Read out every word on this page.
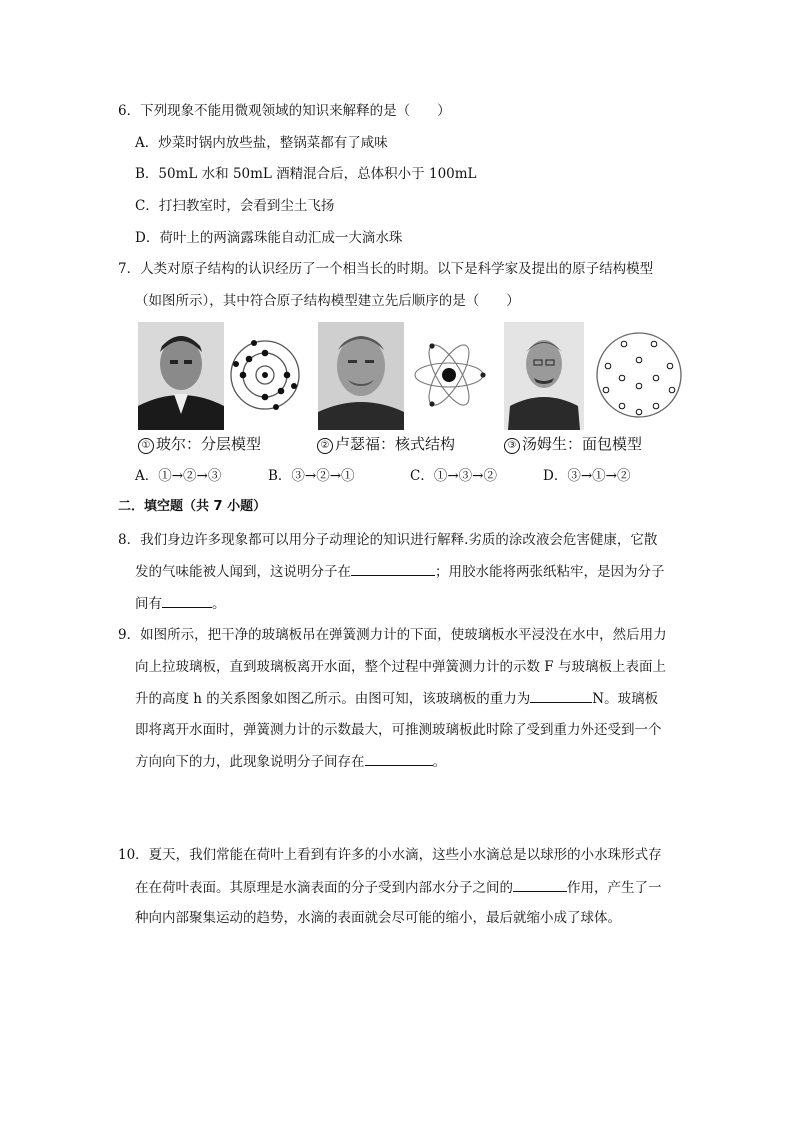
6．下列现象不能用微观领域的知识来解释的是（　　）
A．炒菜时锅内放些盐，整锅菜都有了咸味
B．50mL 水和 50mL 酒精混合后，总体积小于 100mL
C．打扫教室时，会看到尘土飞扬
D．荷叶上的两滴露珠能自动汇成一大滴水珠
7．人类对原子结构的认识经历了一个相当长的时期。以下是科学家及提出的原子结构模型
（如图所示），其中符合原子结构模型建立先后顺序的是（　　）
① 玻尔：分层模型	② 卢瑟福：核式结构	③ 汤姆生：面包模型
A．①→②→③	B．③→②→①	C．①→③→②	D．③→①→②
二．填空题（共 7 小题）
8．我们身边许多现象都可以用分子动理论的知识进行解释.劣质的涂改液会危害健康，它散
发的气味能被人闻到，这说明分子在	；用胶水能将两张纸粘牢，是因为分子
间有	。
9．如图所示，把干净的玻璃板吊在弹簧测力计的下面，使玻璃板水平浸没在水中，然后用力
向上拉玻璃板，直到玻璃板离开水面，整个过程中弹簧测力计的示数 F 与玻璃板上表面上
升的高度 h 的关系图象如图乙所示。由图可知，该玻璃板的重力为	N。玻璃板
即将离开水面时，弹簧测力计的示数最大，可推测玻璃板此时除了受到重力外还受到一个
方向向下的力，此现象说明分子间存在	。
10．夏天，我们常能在荷叶上看到有许多的小水滴，这些小水滴总是以球形的小水珠形式存
在在荷叶表面。其原理是水滴表面的分子受到内部水分子之间的	作用，产生了一
种向内部聚集运动的趋势，水滴的表面就会尽可能的缩小，最后就缩小成了球体。
